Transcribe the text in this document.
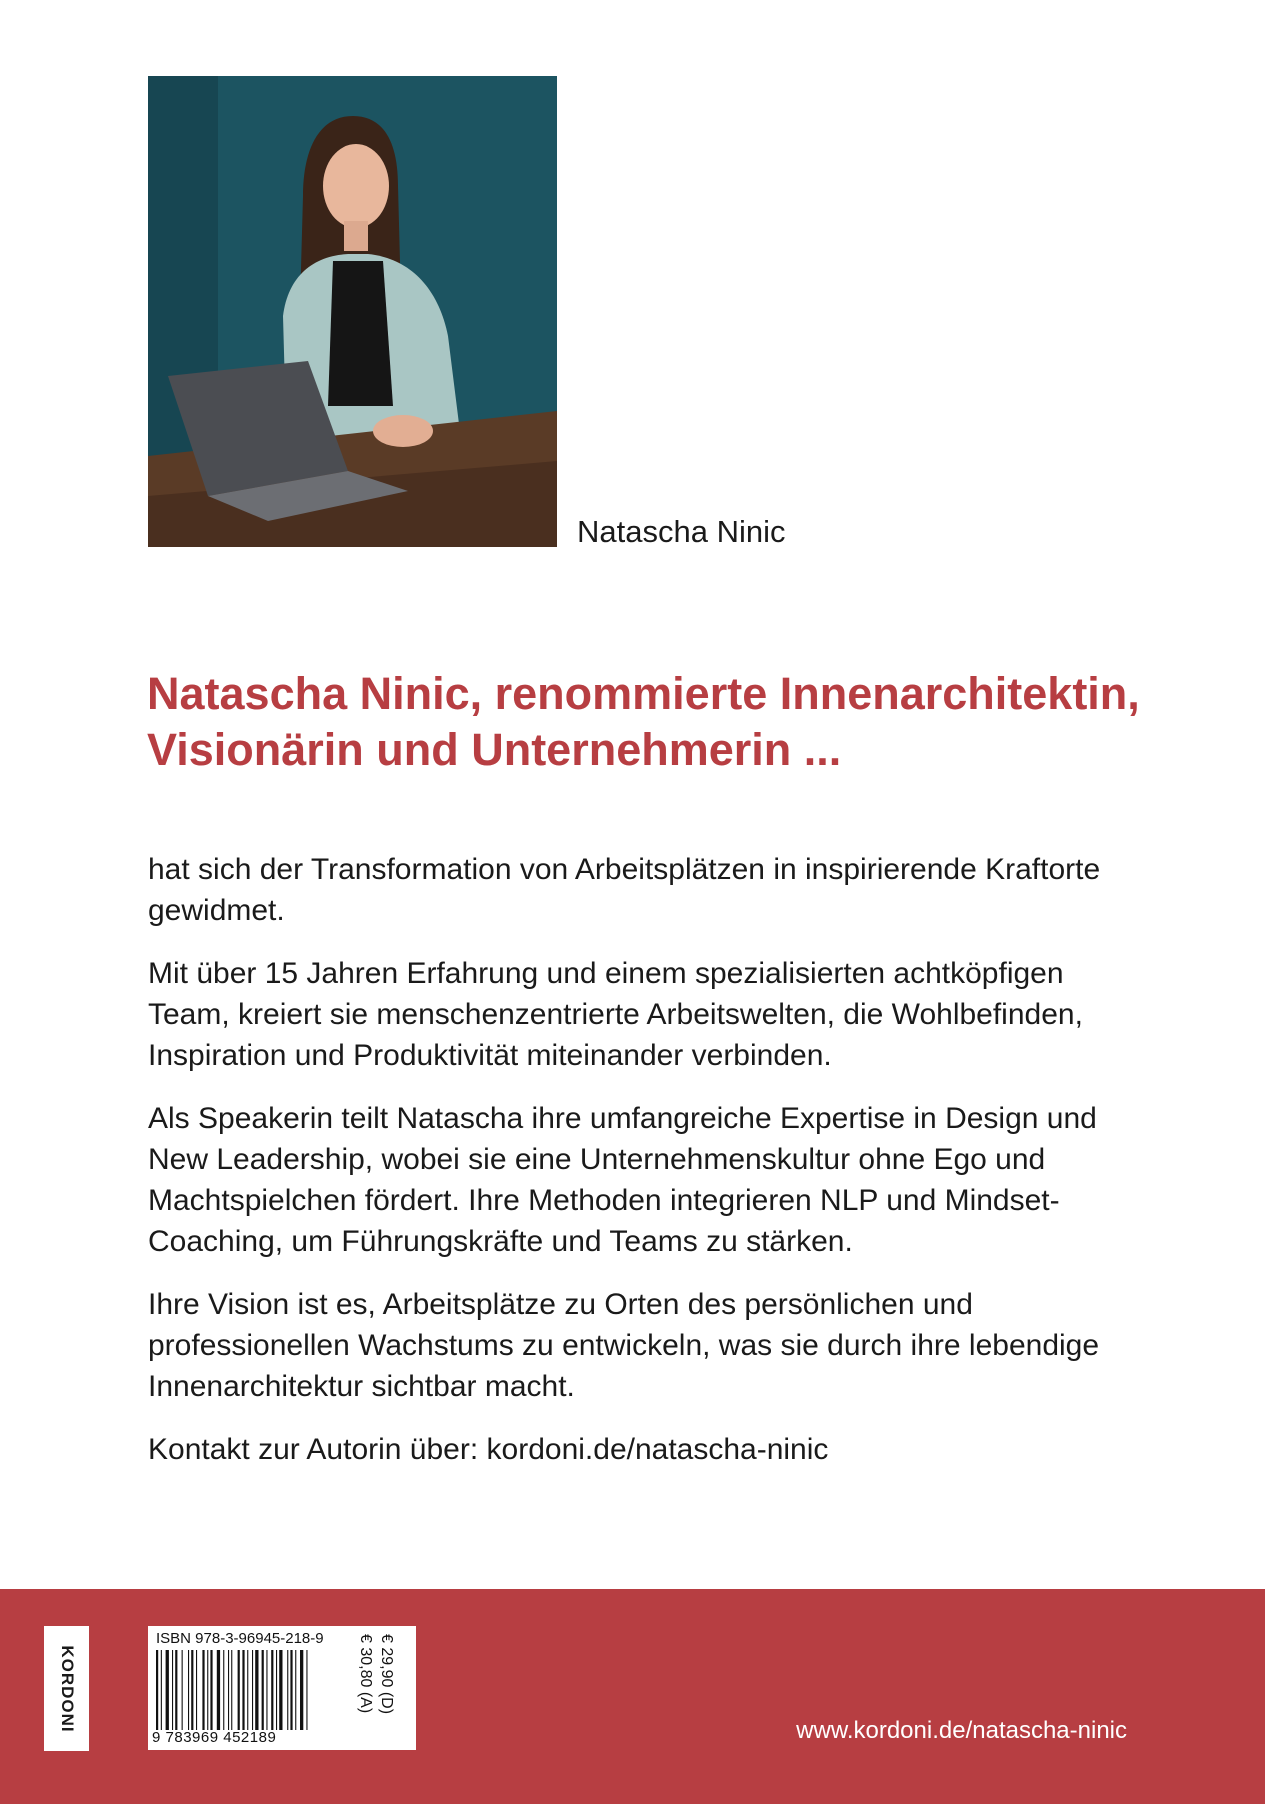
Natascha Ninic
Natascha Ninic, renommierte Innenarchitektin,
Visionärin und Unternehmerin ...

hat sich der Transformation von Arbeitsplätzen in inspirierende Kraftorte gewidmet.

Mit über 15 Jahren Erfahrung und einem spezialisierten achtköpfigen Team, kreiert sie menschenzentrierte Arbeitswelten, die Wohlbefinden, Inspiration und Produktivität miteinander verbinden.

Als Speakerin teilt Natascha ihre umfangreiche Expertise in Design und New Leadership, wobei sie eine Unternehmenskultur ohne Ego und Machtspielchen fördert. Ihre Methoden integrieren NLP und Mindset-Coaching, um Führungskräfte und Teams zu stärken.

Ihre Vision ist es, Arbeitsplätze zu Orten des persönlichen und professionellen Wachstums zu entwickeln, was sie durch ihre lebendige Innenarchitektur sichtbar macht.

Kontakt zur Autorin über: kordoni.de/natascha-ninic

KORDONI
ISBN 978-3-96945-218-9
9 783969 452189
€ 29,90 (D)
€ 30,80 (A)
www.kordoni.de/natascha-ninic
